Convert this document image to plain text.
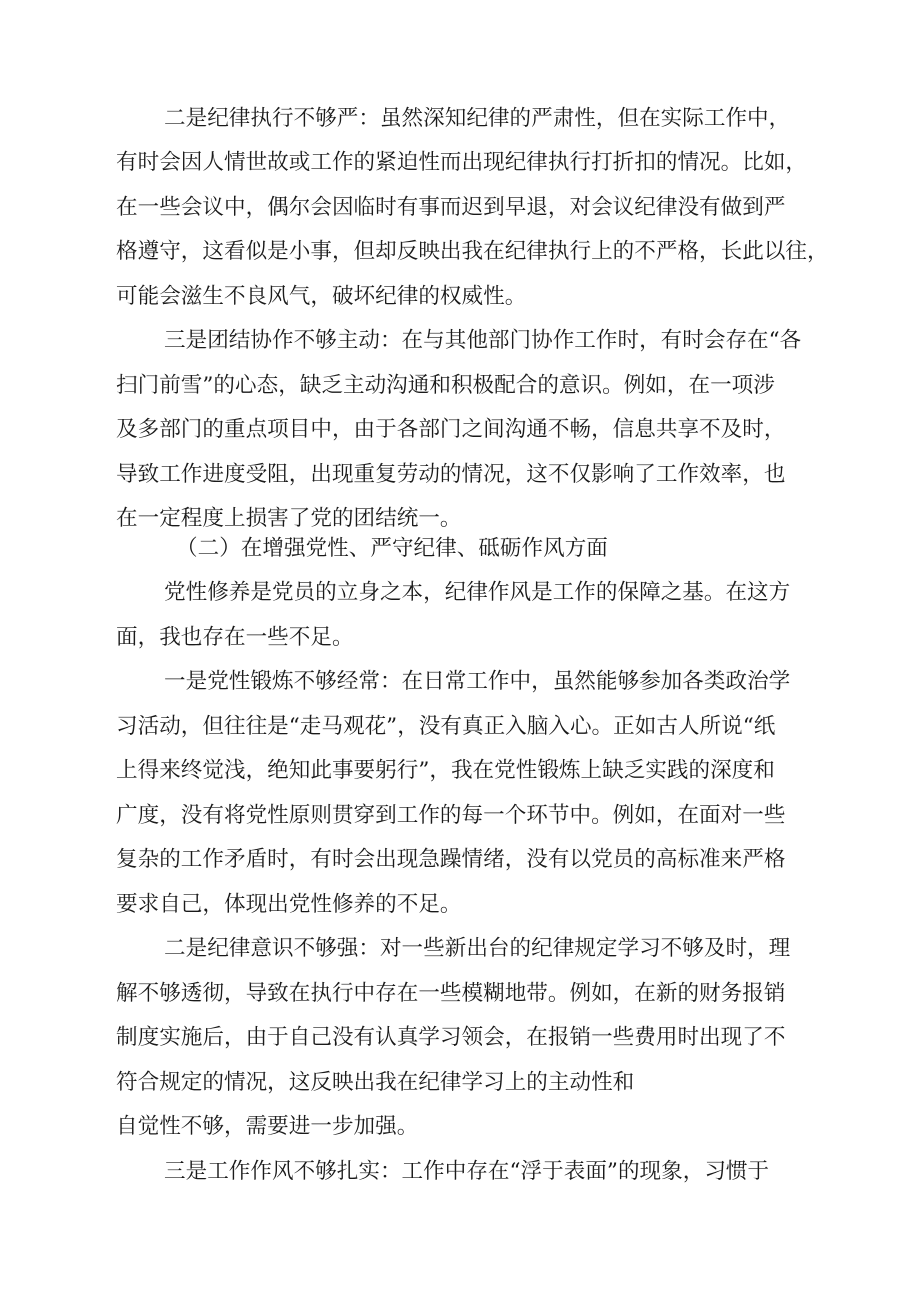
二是纪律执行不够严：虽然深知纪律的严肃性，但在实际工作中，
有时会因人情世故或工作的紧迫性而出现纪律执行打折扣的情况。比如，
在一些会议中，偶尔会因临时有事而迟到早退，对会议纪律没有做到严
格遵守，这看似是小事，但却反映出我在纪律执行上的不严格，长此以往，
可能会滋生不良风气，破坏纪律的权威性。
三是团结协作不够主动：在与其他部门协作工作时，有时会存在“各
扫门前雪”的心态，缺乏主动沟通和积极配合的意识。例如，在一项涉
及多部门的重点项目中，由于各部门之间沟通不畅，信息共享不及时，
导致工作进度受阻，出现重复劳动的情况，这不仅影响了工作效率，也
在一定程度上损害了党的团结统一。
（二）在增强党性、严守纪律、砥砺作风方面
党性修养是党员的立身之本，纪律作风是工作的保障之基。在这方
面，我也存在一些不足。
一是党性锻炼不够经常：在日常工作中，虽然能够参加各类政治学
习活动，但往往是“走马观花”，没有真正入脑入心。正如古人所说“纸
上得来终觉浅，绝知此事要躬行”，我在党性锻炼上缺乏实践的深度和
广度，没有将党性原则贯穿到工作的每一个环节中。例如，在面对一些
复杂的工作矛盾时，有时会出现急躁情绪，没有以党员的高标准来严格
要求自己，体现出党性修养的不足。
二是纪律意识不够强：对一些新出台的纪律规定学习不够及时，理
解不够透彻，导致在执行中存在一些模糊地带。例如，在新的财务报销
制度实施后，由于自己没有认真学习领会，在报销一些费用时出现了不
符合规定的情况，这反映出我在纪律学习上的主动性和
自觉性不够，需要进一步加强。
三是工作作风不够扎实：工作中存在“浮于表面”的现象，习惯于
